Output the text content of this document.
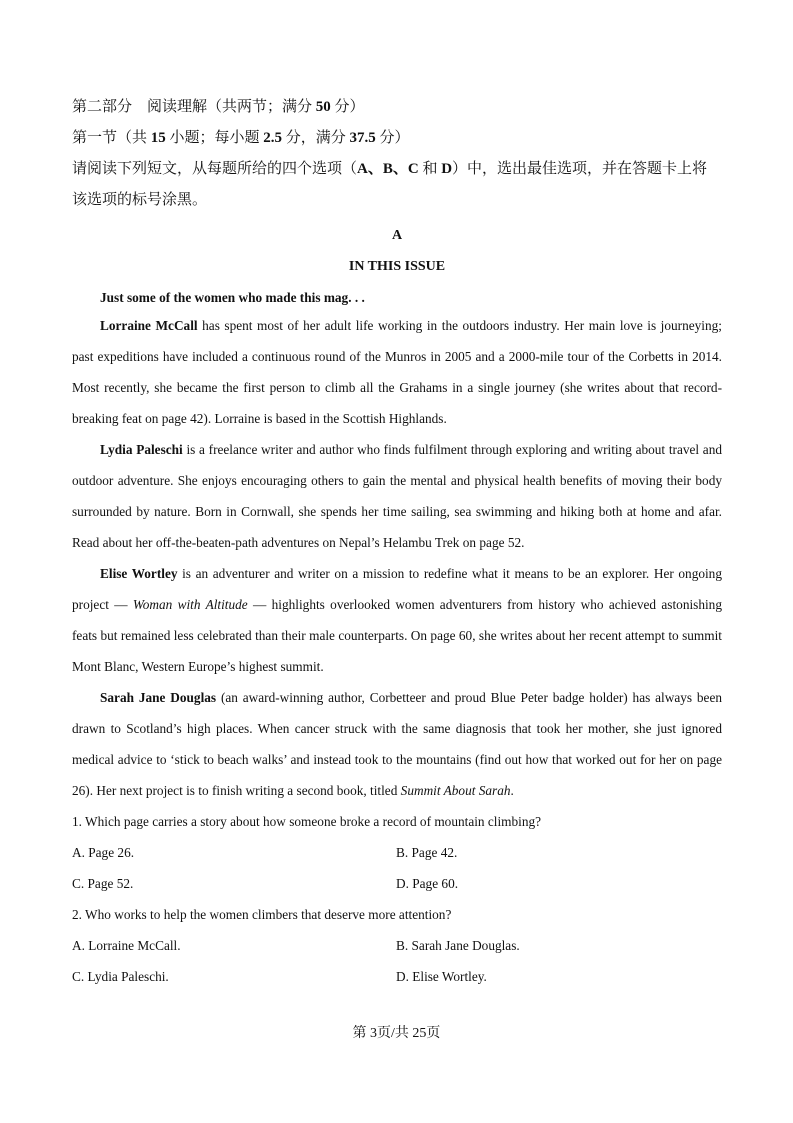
第二部分　阅读理解（共两节；满分 50 分）

第一节（共 15 小题；每小题 2.5 分，满分 37.5 分）

请阅读下列短文，从每题所给的四个选项（A、B、C 和 D）中，选出最佳选项，并在答题卡上将该选项的标号涂黑。

A

IN THIS ISSUE

Just some of the women who made this mag. . .

Lorraine McCall has spent most of her adult life working in the outdoors industry. Her main love is journeying; past expeditions have included a continuous round of the Munros in 2005 and a 2000-mile tour of the Corbetts in 2014. Most recently, she became the first person to climb all the Grahams in a single journey (she writes about that record-breaking feat on page 42). Lorraine is based in the Scottish Highlands.

Lydia Paleschi is a freelance writer and author who finds fulfilment through exploring and writing about travel and outdoor adventure. She enjoys encouraging others to gain the mental and physical health benefits of moving their body surrounded by nature. Born in Cornwall, she spends her time sailing, sea swimming and hiking both at home and afar. Read about her off-the-beaten-path adventures on Nepal’s Helambu Trek on page 52.

Elise Wortley is an adventurer and writer on a mission to redefine what it means to be an explorer. Her ongoing project — Woman with Altitude — highlights overlooked women adventurers from history who achieved astonishing feats but remained less celebrated than their male counterparts. On page 60, she writes about her recent attempt to summit Mont Blanc, Western Europe’s highest summit.

Sarah Jane Douglas (an award-winning author, Corbetteer and proud Blue Peter badge holder) has always been drawn to Scotland’s high places. When cancer struck with the same diagnosis that took her mother, she just ignored medical advice to ‘stick to beach walks’ and instead took to the mountains (find out how that worked out for her on page 26). Her next project is to finish writing a second book, titled Summit About Sarah.

1. Which page carries a story about how someone broke a record of mountain climbing?

A. Page 26.	B. Page 42.
C. Page 52.	D. Page 60.

2. Who works to help the women climbers that deserve more attention?

A. Lorraine McCall.	B. Sarah Jane Douglas.
C. Lydia Paleschi.	D. Elise Wortley.
第 3页/共 25页
